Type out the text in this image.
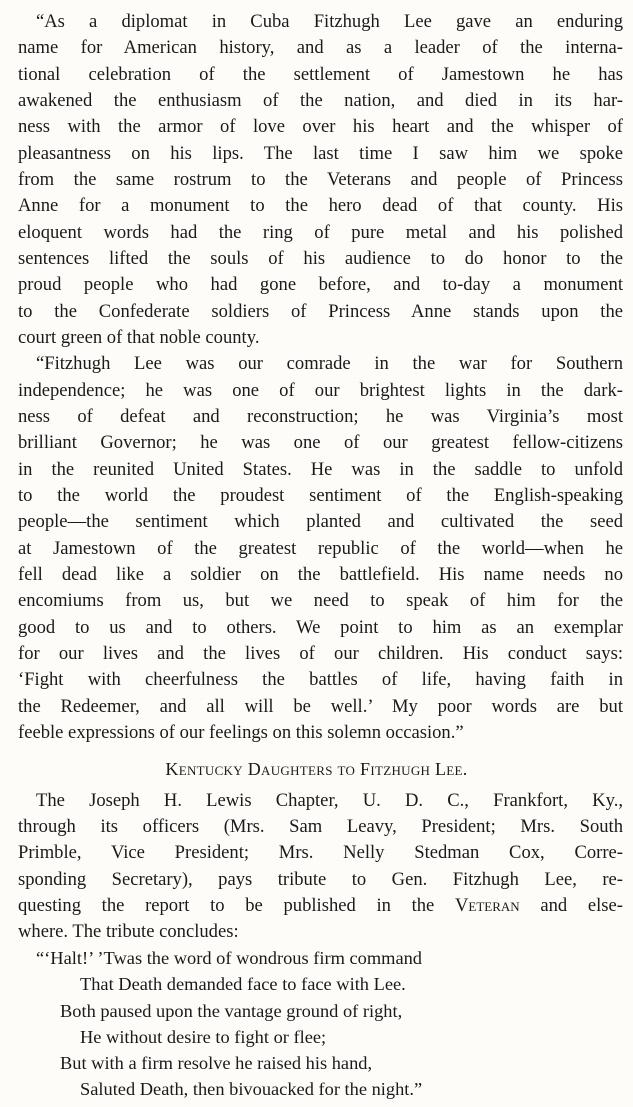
“As a diplomat in Cuba Fitzhugh Lee gave an enduring
name for American history, and as a leader of the interna-
tional celebration of the settlement of Jamestown he has
awakened the enthusiasm of the nation, and died in its har-
ness with the armor of love over his heart and the whisper of
pleasantness on his lips. The last time I saw him we spoke
from the same rostrum to the Veterans and people of Princess
Anne for a monument to the hero dead of that county. His
eloquent words had the ring of pure metal and his polished
sentences lifted the souls of his audience to do honor to the
proud people who had gone before, and to-day a monument
to the Confederate soldiers of Princess Anne stands upon the
court green of that noble county.
“Fitzhugh Lee was our comrade in the war for Southern
independence; he was one of our brightest lights in the dark-
ness of defeat and reconstruction; he was Virginia’s most
brilliant Governor; he was one of our greatest fellow-citizens
in the reunited United States. He was in the saddle to unfold
to the world the proudest sentiment of the English-speaking
people—the sentiment which planted and cultivated the seed
at Jamestown of the greatest republic of the world—when he
fell dead like a soldier on the battlefield. His name needs no
encomiums from us, but we need to speak of him for the
good to us and to others. We point to him as an exemplar
for our lives and the lives of our children. His conduct says:
‘Fight with cheerfulness the battles of life, having faith in
the Redeemer, and all will be well.’ My poor words are but
feeble expressions of our feelings on this solemn occasion.”
Kentucky Daughters to Fitzhugh Lee.
The Joseph H. Lewis Chapter, U. D. C., Frankfort, Ky.,
through its officers (Mrs. Sam Leavy, President; Mrs. South
Primble, Vice President; Mrs. Nelly Stedman Cox, Corre-
sponding Secretary), pays tribute to Gen. Fitzhugh Lee, re-
questing the report to be published in the Veteran and else-
where. The tribute concludes:
“‘Halt!’ ’Twas the word of wondrous firm command
That Death demanded face to face with Lee.
Both paused upon the vantage ground of right,
He without desire to fight or flee;
But with a firm resolve he raised his hand,
Saluted Death, then bivouacked for the night.”
